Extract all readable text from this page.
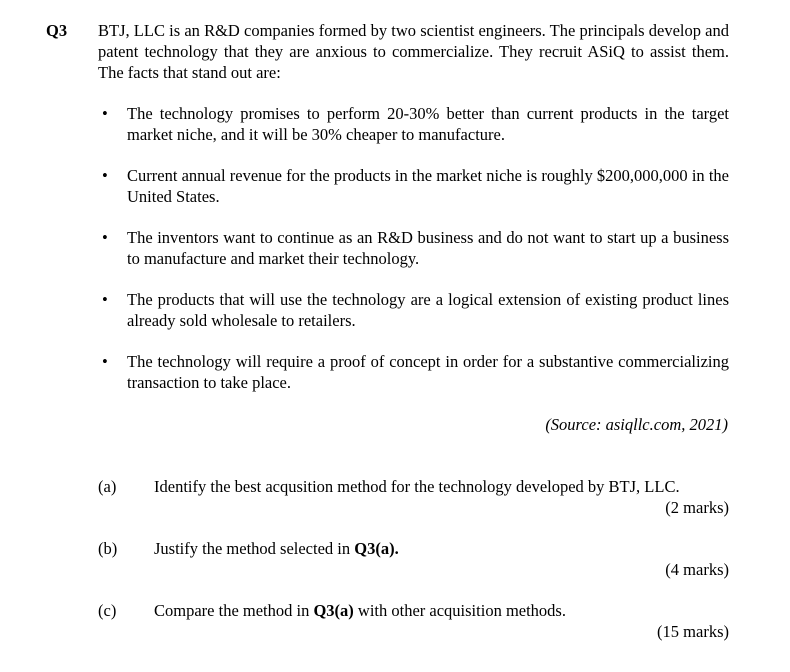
Q3 BTJ, LLC is an R&D companies formed by two scientist engineers. The principals develop and patent technology that they are anxious to commercialize. They recruit ASiQ to assist them. The facts that stand out are:
• The technology promises to perform 20-30% better than current products in the target market niche, and it will be 30% cheaper to manufacture.
• Current annual revenue for the products in the market niche is roughly $200,000,000 in the United States.
• The inventors want to continue as an R&D business and do not want to start up a business to manufacture and market their technology.
• The products that will use the technology are a logical extension of existing product lines already sold wholesale to retailers.
• The technology will require a proof of concept in order for a substantive commercializing transaction to take place.
(Source: asiqllc.com, 2021)
(a) Identify the best acqusition method for the technology developed by BTJ, LLC.
(2 marks)
(b) Justify the method selected in Q3(a).
(4 marks)
(c) Compare the method in Q3(a) with other acquisition methods.
(15 marks)
